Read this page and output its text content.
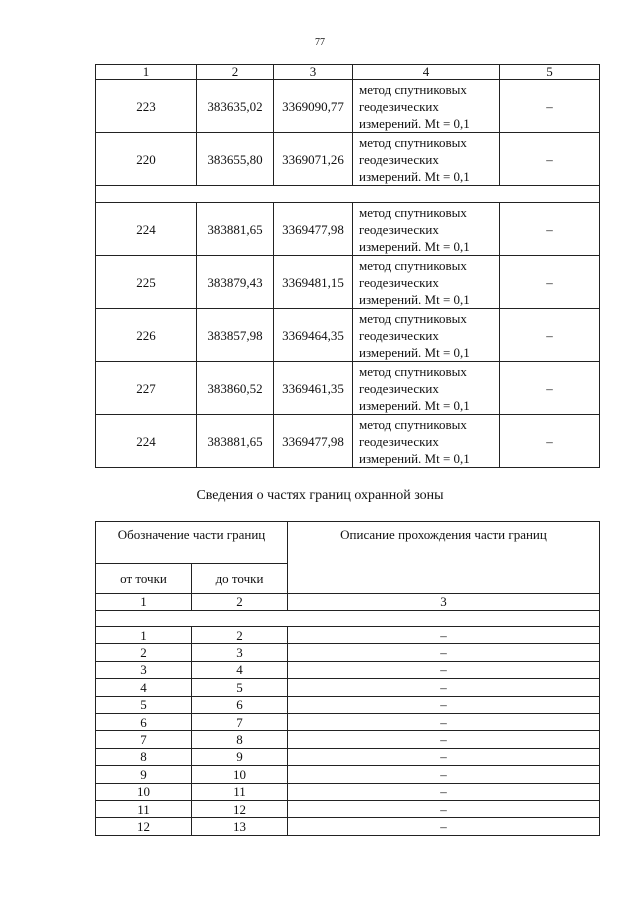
77
1	2	3	4	5
223	383635,02	3369090,77	метод спутниковых
геодезических
измерений. Mt = 0,1	–
220	383655,80	3369071,26	метод спутниковых
геодезических
измерений. Mt = 0,1	–

224	383881,65	3369477,98	метод спутниковых
геодезических
измерений. Mt = 0,1	–
225	383879,43	3369481,15	метод спутниковых
геодезических
измерений. Mt = 0,1	–
226	383857,98	3369464,35	метод спутниковых
геодезических
измерений. Mt = 0,1	–
227	383860,52	3369461,35	метод спутниковых
геодезических
измерений. Mt = 0,1	–
224	383881,65	3369477,98	метод спутниковых
геодезических
измерений. Mt = 0,1	–
Сведения о частях границ охранной зоны
Обозначение части границ		Описание прохождения части границ
от точки	до точки	
1	2	3

1	2	–
2	3	–
3	4	–
4	5	–
5	6	–
6	7	–
7	8	–
8	9	–
9	10	–
10	11	–
11	12	–
12	13	–
